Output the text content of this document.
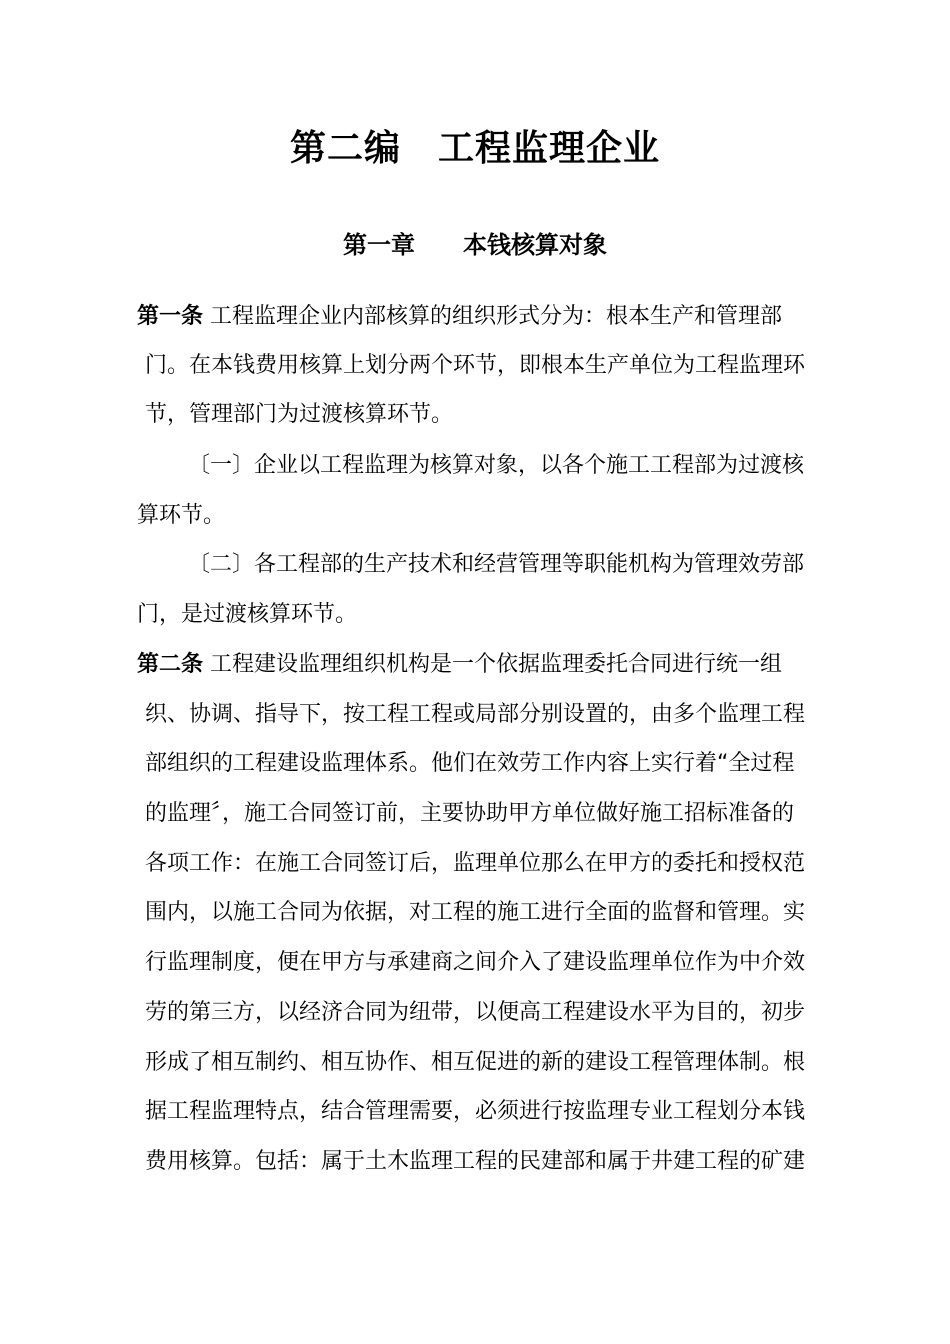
第二编　工程监理企业
第一章　　本钱核算对象
第一条 工程监理企业内部核算的组织形式分为：根本生产和管理部
门。在本钱费用核算上划分两个环节，即根本生产单位为工程监理环
节，管理部门为过渡核算环节。
〔一〕企业以工程监理为核算对象，以各个施工工程部为过渡核
算环节。
〔二〕各工程部的生产技术和经营管理等职能机构为管理效劳部
门，是过渡核算环节。
第二条 工程建设监理组织机构是一个依据监理委托合同进行统一组
织、协调、指导下，按工程工程或局部分别设置的，由多个监理工程
部组织的工程建设监理体系。他们在效劳工作内容上实行着“全过程
的监理〞，施工合同签订前，主要协助甲方单位做好施工招标准备的
各项工作：在施工合同签订后，监理单位那么在甲方的委托和授权范
围内，以施工合同为依据，对工程的施工进行全面的监督和管理。实
行监理制度，便在甲方与承建商之间介入了建设监理单位作为中介效
劳的第三方，以经济合同为纽带，以便高工程建设水平为目的，初步
形成了相互制约、相互协作、相互促进的新的建设工程管理体制。根
据工程监理特点，结合管理需要，必须进行按监理专业工程划分本钱
费用核算。包括：属于土木监理工程的民建部和属于井建工程的矿建
